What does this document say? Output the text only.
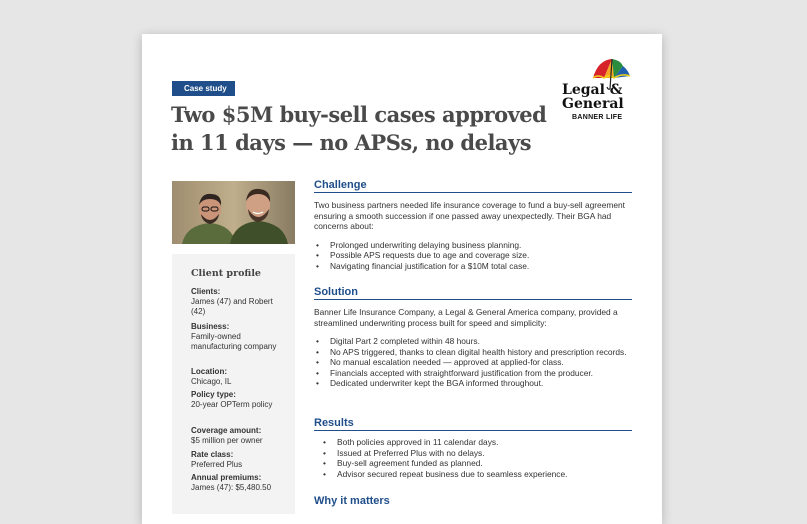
Case study
Two $5M buy-sell cases approved
in 11 days — no APSs, no delays
Legal &
General
BANNER LIFE
Client profile
Clients:
James (47) and Robert (42)
Business:
Family-owned manufacturing company
Location:
Chicago, IL
Policy type:
20-year OPTerm policy
Coverage amount:
$5 million per owner
Rate class:
Preferred Plus
Annual premiums:
James (47): $5,480.50
Challenge

Two business partners needed life insurance coverage to fund a buy-sell agreement ensuring a smooth succession if one passed away unexpectedly. Their BGA had concerns about:

• Prolonged underwriting delaying business planning.
• Possible APS requests due to age and coverage size.
• Navigating financial justification for a $10M total case.
Solution

Banner Life Insurance Company, a Legal & General America company, provided a streamlined underwriting process built for speed and simplicity:

• Digital Part 2 completed within 48 hours.
• No APS triggered, thanks to clean digital health history and prescription records.
• No manual escalation needed — approved at applied-for class.
• Financials accepted with straightforward justification from the producer.
• Dedicated underwriter kept the BGA informed throughout.
Results
• Both policies approved in 11 calendar days.
• Issued at Preferred Plus with no delays.
• Buy-sell agreement funded as planned.
• Advisor secured repeat business due to seamless experience.
Why it matters
